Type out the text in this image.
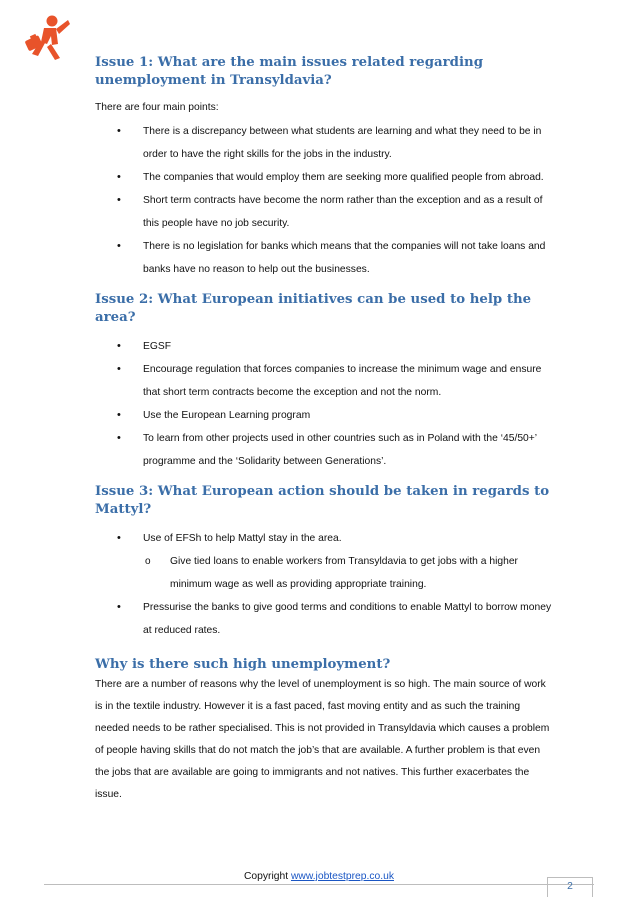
Issue 1: What are the main issues related regarding unemployment in Transyldavia?

There are four main points:

• There is a discrepancy between what students are learning and what they need to be in order to have the right skills for the jobs in the industry.
• The companies that would employ them are seeking more qualified people from abroad.
• Short term contracts have become the norm rather than the exception and as a result of this people have no job security.
• There is no legislation for banks which means that the companies will not take loans and banks have no reason to help out the businesses.
Issue 2: What European initiatives can be used to help the area?
• EGSF
• Encourage regulation that forces companies to increase the minimum wage and ensure that short term contracts become the exception and not the norm.
• Use the European Learning program
• To learn from other projects used in other countries such as in Poland with the ‘45/50+’ programme and the ‘Solidarity between Generations’.
Issue 3: What European action should be taken in regards to Mattyl?
• Use of EFSh to help Mattyl stay in the area.
o Give tied loans to enable workers from Transyldavia to get jobs with a higher minimum wage as well as providing appropriate training.
• Pressurise the banks to give good terms and conditions to enable Mattyl to borrow money at reduced rates.
Why is there such high unemployment?

There are a number of reasons why the level of unemployment is so high. The main source of work is in the textile industry. However it is a fast paced, fast moving entity and as such the training needed needs to be rather specialised. This is not provided in Transyldavia which causes a problem of people having skills that do not match the job’s that are available. A further problem is that even the jobs that are available are going to immigrants and not natives. This further exacerbates the issue.

Copyright www.jobtestprep.co.uk
2
